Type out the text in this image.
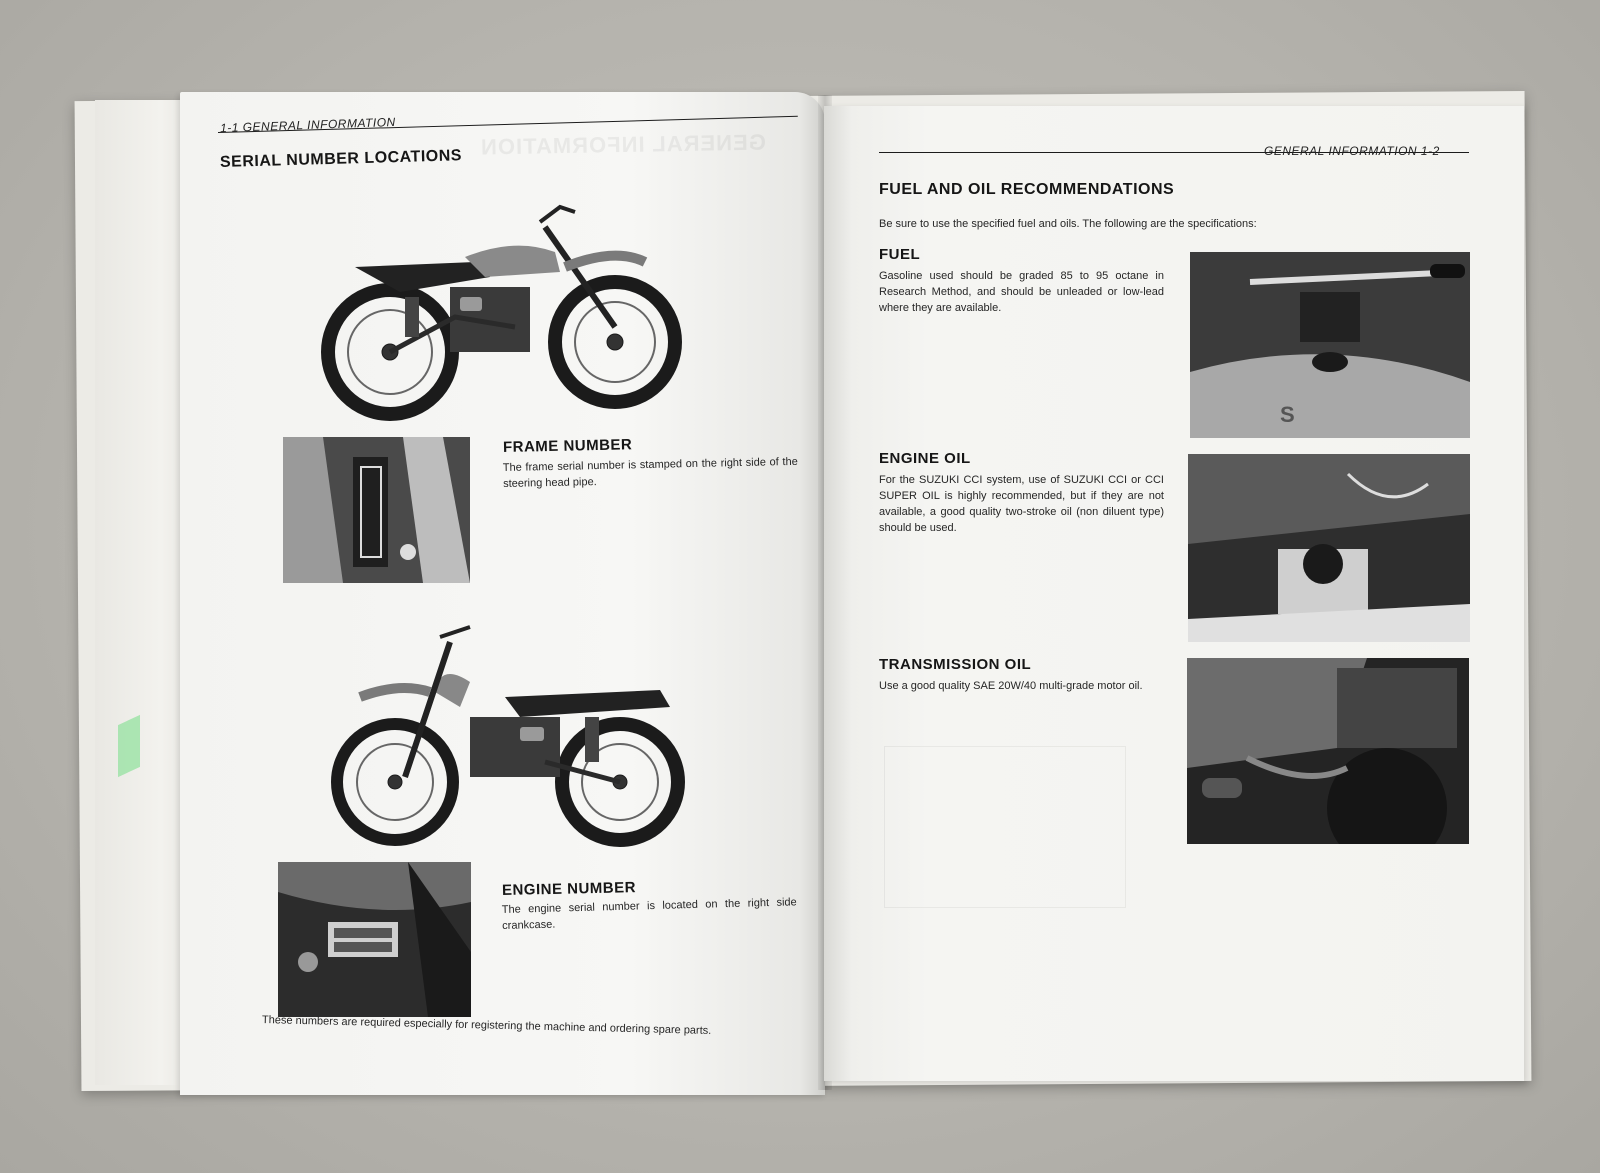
1-1 GENERAL INFORMATION
SERIAL NUMBER LOCATIONS GENERAL INFORMATION
FRAME NUMBER
The frame serial number is stamped on the right side of the steering head pipe.
ENGINE NUMBER
The engine serial number is located on the right side crankcase.
These numbers are required especially for registering the machine and ordering spare parts.
GENERAL INFORMATION 1-2
FUEL AND OIL RECOMMENDATIONS
Be sure to use the specified fuel and oils. The following are the specifications:
FUEL
Gasoline used should be graded 85 to 95 octane in Research Method, and should be unleaded or low-lead where they are available.
S
ENGINE OIL
For the SUZUKI CCI system, use of SUZUKI CCI or CCI SUPER OIL is highly recommended, but if they are not available, a good quality two-stroke oil (non diluent type) should be used.
TRANSMISSION OIL
Use a good quality SAE 20W/40 multi-grade motor oil.
